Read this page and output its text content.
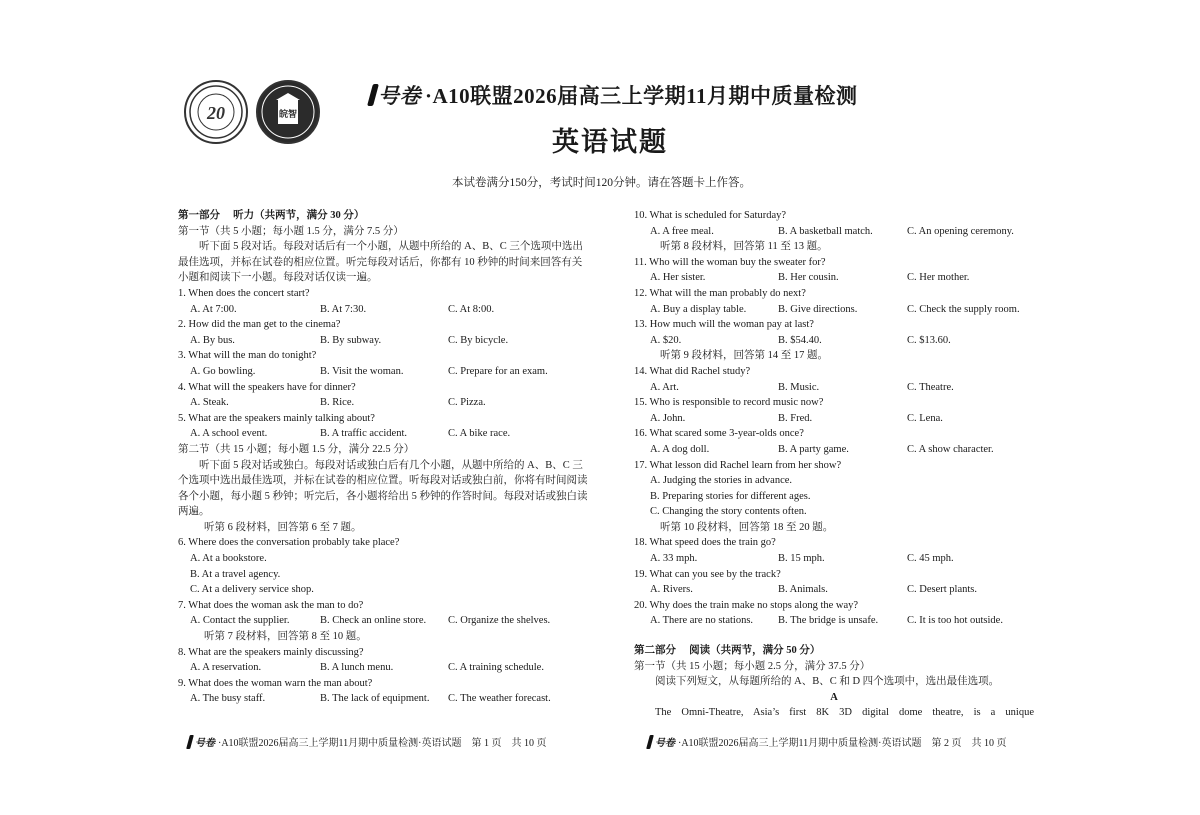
20	皖智
号卷 ·A10联盟2026届高三上学期11月期中质量检测
英语试题
本试卷满分150分，考试时间120分钟。请在答题卡上作答。
第一部分　 听力（共两节，满分 30 分）
第一节（共 5 小题；每小题 1.5 分，满分 7.5 分）
听下面 5 段对话。每段对话后有一个小题，从题中所给的 A、B、C 三个选项中选出最佳选项，并标在试卷的相应位置。听完每段对话后，你都有 10 秒钟的时间来回答有关小题和阅读下一小题。每段对话仅读一遍。
1. When does the concert start?
A. At 7:00.	B. At 7:30.	C. At 8:00.
2. How did the man get to the cinema?
A. By bus.	B. By subway.	C. By bicycle.
3. What will the man do tonight?
A. Go bowling.	B. Visit the woman.	C. Prepare for an exam.
4. What will the speakers have for dinner?
A. Steak.	B. Rice.	C. Pizza.
5. What are the speakers mainly talking about?
A. A school event.	B. A traffic accident.	C. A bike race.
第二节（共 15 小题；每小题 1.5 分，满分 22.5 分）
听下面 5 段对话或独白。每段对话或独白后有几个小题，从题中所给的 A、B、C 三个选项中选出最佳选项，并标在试卷的相应位置。听每段对话或独白前，你将有时间阅读各个小题，每小题 5 秒钟；听完后，各小题将给出 5 秒钟的作答时间。每段对话或独白读两遍。
听第 6 段材料，回答第 6 至 7 题。
6. Where does the conversation probably take place?
A. At a bookstore.
B. At a travel agency.
C. At a delivery service shop.
7. What does the woman ask the man to do?
A. Contact the supplier.	B. Check an online store.	C. Organize the shelves.
听第 7 段材料，回答第 8 至 10 题。
8. What are the speakers mainly discussing?
A. A reservation.	B. A lunch menu.	C. A training schedule.
9. What does the woman warn the man about?
A. The busy staff.	B. The lack of equipment.	C. The weather forecast.
10. What is scheduled for Saturday?
A. A free meal.	B. A basketball match.	C. An opening ceremony.
听第 8 段材料，回答第 11 至 13 题。
11. Who will the woman buy the sweater for?
A. Her sister.	B. Her cousin.	C. Her mother.
12. What will the man probably do next?
A. Buy a display table.	B. Give directions.	C. Check the supply room.
13. How much will the woman pay at last?
A. $20.	B. $54.40.	C. $13.60.
听第 9 段材料，回答第 14 至 17 题。
14. What did Rachel study?
A. Art.	B. Music.	C. Theatre.
15. Who is responsible to record music now?
A. John.	B. Fred.	C. Lena.
16. What scared some 3-year-olds once?
A. A dog doll.	B. A party game.	C. A show character.
17. What lesson did Rachel learn from her show?
A. Judging the stories in advance.
B. Preparing stories for different ages.
C. Changing the story contents often.
听第 10 段材料，回答第 18 至 20 题。
18. What speed does the train go?
A. 33 mph.	B. 15 mph.	C. 45 mph.
19. What can you see by the track?
A. Rivers.	B. Animals.	C. Desert plants.
20. Why does the train make no stops along the way?
A. There are no stations.	B. The bridge is unsafe.	C. It is too hot outside.
第二部分　 阅读（共两节，满分 50 分）
第一节（共 15 小题；每小题 2.5 分，满分 37.5 分）
阅读下列短文，从每题所给的 A、B、C 和 D 四个选项中，选出最佳选项。
A
The Omni-Theatre, Asia’s first 8K 3D digital dome theatre, is a unique
号卷 ·A10联盟2026届高三上学期11月期中质量检测·英语试题　第 1 页　共 10 页	号卷 ·A10联盟2026届高三上学期11月期中质量检测·英语试题　第 2 页　共 10 页
